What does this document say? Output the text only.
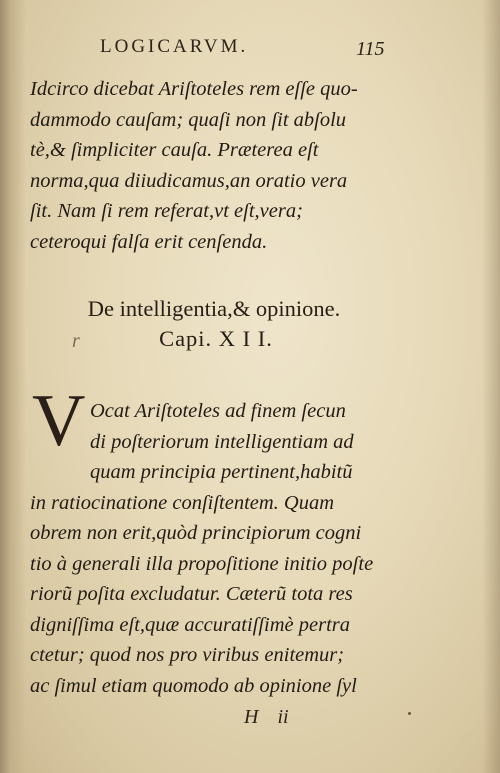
LOGICARVM.	115
Idcirco dicebat Ariſtoteles rem eſſe quo-
dammodo cauſam; quaſi non ſit abſolu
tè,& ſimpliciter cauſa. Præterea eſt
norma,qua diiudicamus,an oratio vera
ſit. Nam ſi rem referat,vt eſt,vera;
ceteroqui falſa erit cenſenda.
De intelligentia,& opinione.
r	Capi. X I I.
V Ocat Ariſtoteles ad finem ſecun
di poſteriorum intelligentiam ad
quam principia pertinent,habitũ
in ratiocinatione conſiſtentem. Quam
obrem non erit,quòd principiorum cogni
tio à generali illa propoſitione initio poſte
riorũ poſita excludatur. Cæterũ tota res
digniſſima eſt,quæ accuratiſſimè pertra
ctetur; quod nos pro viribus enitemur;
ac ſimul etiam quomodo ab opinione ſyl
H ii
